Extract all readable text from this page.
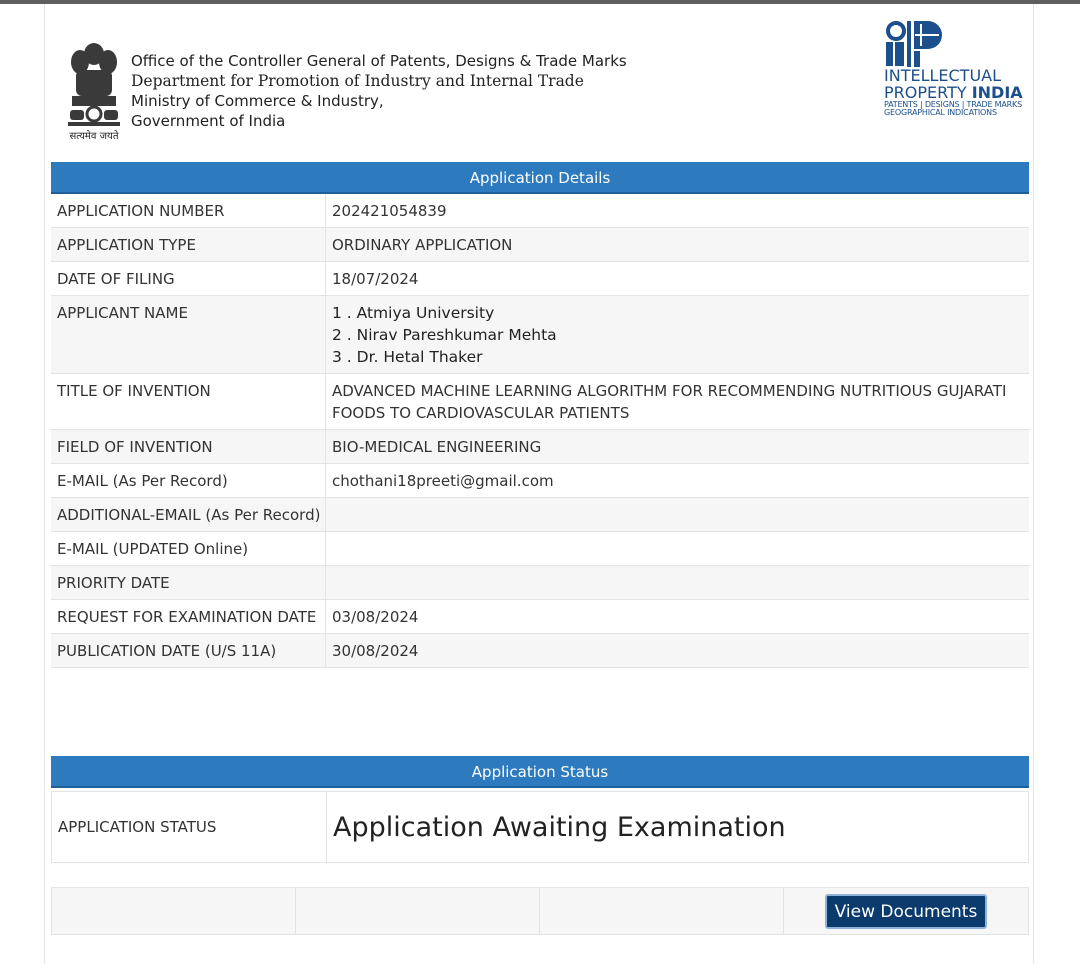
सत्यमेव जयते
Office of the Controller General of Patents, Designs & Trade Marks
Department for Promotion of Industry and Internal Trade
Ministry of Commerce & Industry,
Government of India
INTELLECTUAL
PROPERTY INDIA
PATENTS | DESIGNS | TRADE MARKS
GEOGRAPHICAL INDICATIONS
Application Details
APPLICATION NUMBER	202421054839
APPLICATION TYPE	ORDINARY APPLICATION
DATE OF FILING	18/07/2024
APPLICANT NAME	1 . Atmiya University
2 . Nirav Pareshkumar Mehta
3 . Dr. Hetal Thaker
TITLE OF INVENTION	ADVANCED MACHINE LEARNING ALGORITHM FOR RECOMMENDING NUTRITIOUS GUJARATI
FOODS TO CARDIOVASCULAR PATIENTS
FIELD OF INVENTION	BIO-MEDICAL ENGINEERING
E-MAIL (As Per Record)	chothani18preeti@gmail.com
ADDITIONAL-EMAIL (As Per Record)
E-MAIL (UPDATED Online)
PRIORITY DATE
REQUEST FOR EXAMINATION DATE	03/08/2024
PUBLICATION DATE (U/S 11A)	30/08/2024
Application Status
APPLICATION STATUS	Application Awaiting Examination
View Documents
